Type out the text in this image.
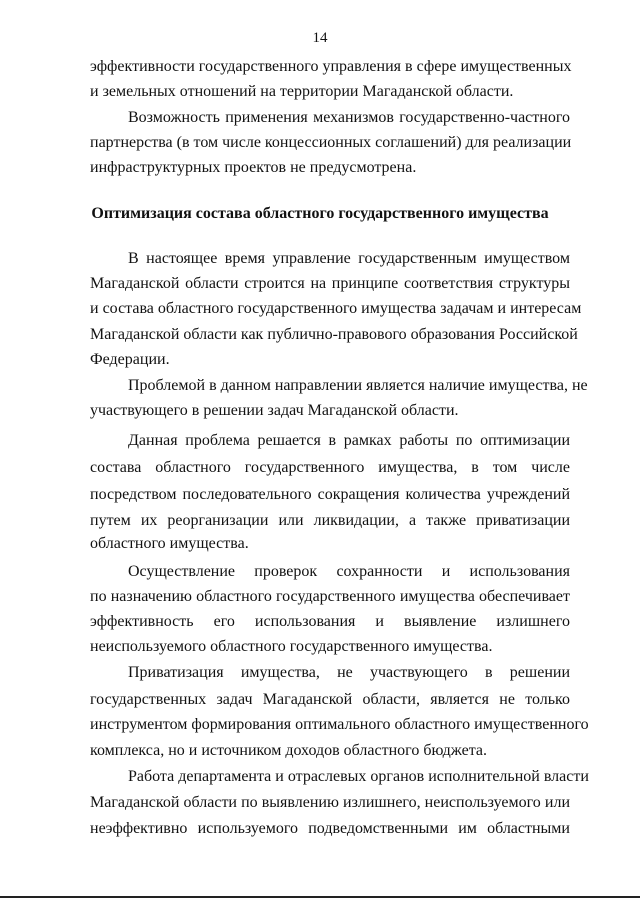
14
эффективности государственного управления в сфере имущественных
и земельных отношений на территории Магаданской области.
Возможность применения механизмов государственно-частного
партнерства (в том числе концессионных соглашений) для реализации
инфраструктурных проектов не предусмотрена.
Оптимизация состава областного государственного имущества
В настоящее время управление государственным имуществом
Магаданской области строится на принципе соответствия структуры
и состава областного государственного имущества задачам и интересам
Магаданской области как публично-правового образования Российской
Федерации.
Проблемой в данном направлении является наличие имущества, не
участвующего в решении задач Магаданской области.
Данная проблема решается в рамках работы по оптимизации
состава областного государственного имущества, в том числе
посредством последовательного сокращения количества учреждений
путем их реорганизации или ликвидации, а также приватизации
областного имущества.
Осуществление проверок сохранности и использования
по назначению областного государственного имущества обеспечивает
эффективность его использования и выявление излишнего
неиспользуемого областного государственного имущества.
Приватизация имущества, не участвующего в решении
государственных задач Магаданской области, является не только
инструментом формирования оптимального областного имущественного
комплекса, но и источником доходов областного бюджета.
Работа департамента и отраслевых органов исполнительной власти
Магаданской области по выявлению излишнего, неиспользуемого или
неэффективно используемого подведомственными им областными
